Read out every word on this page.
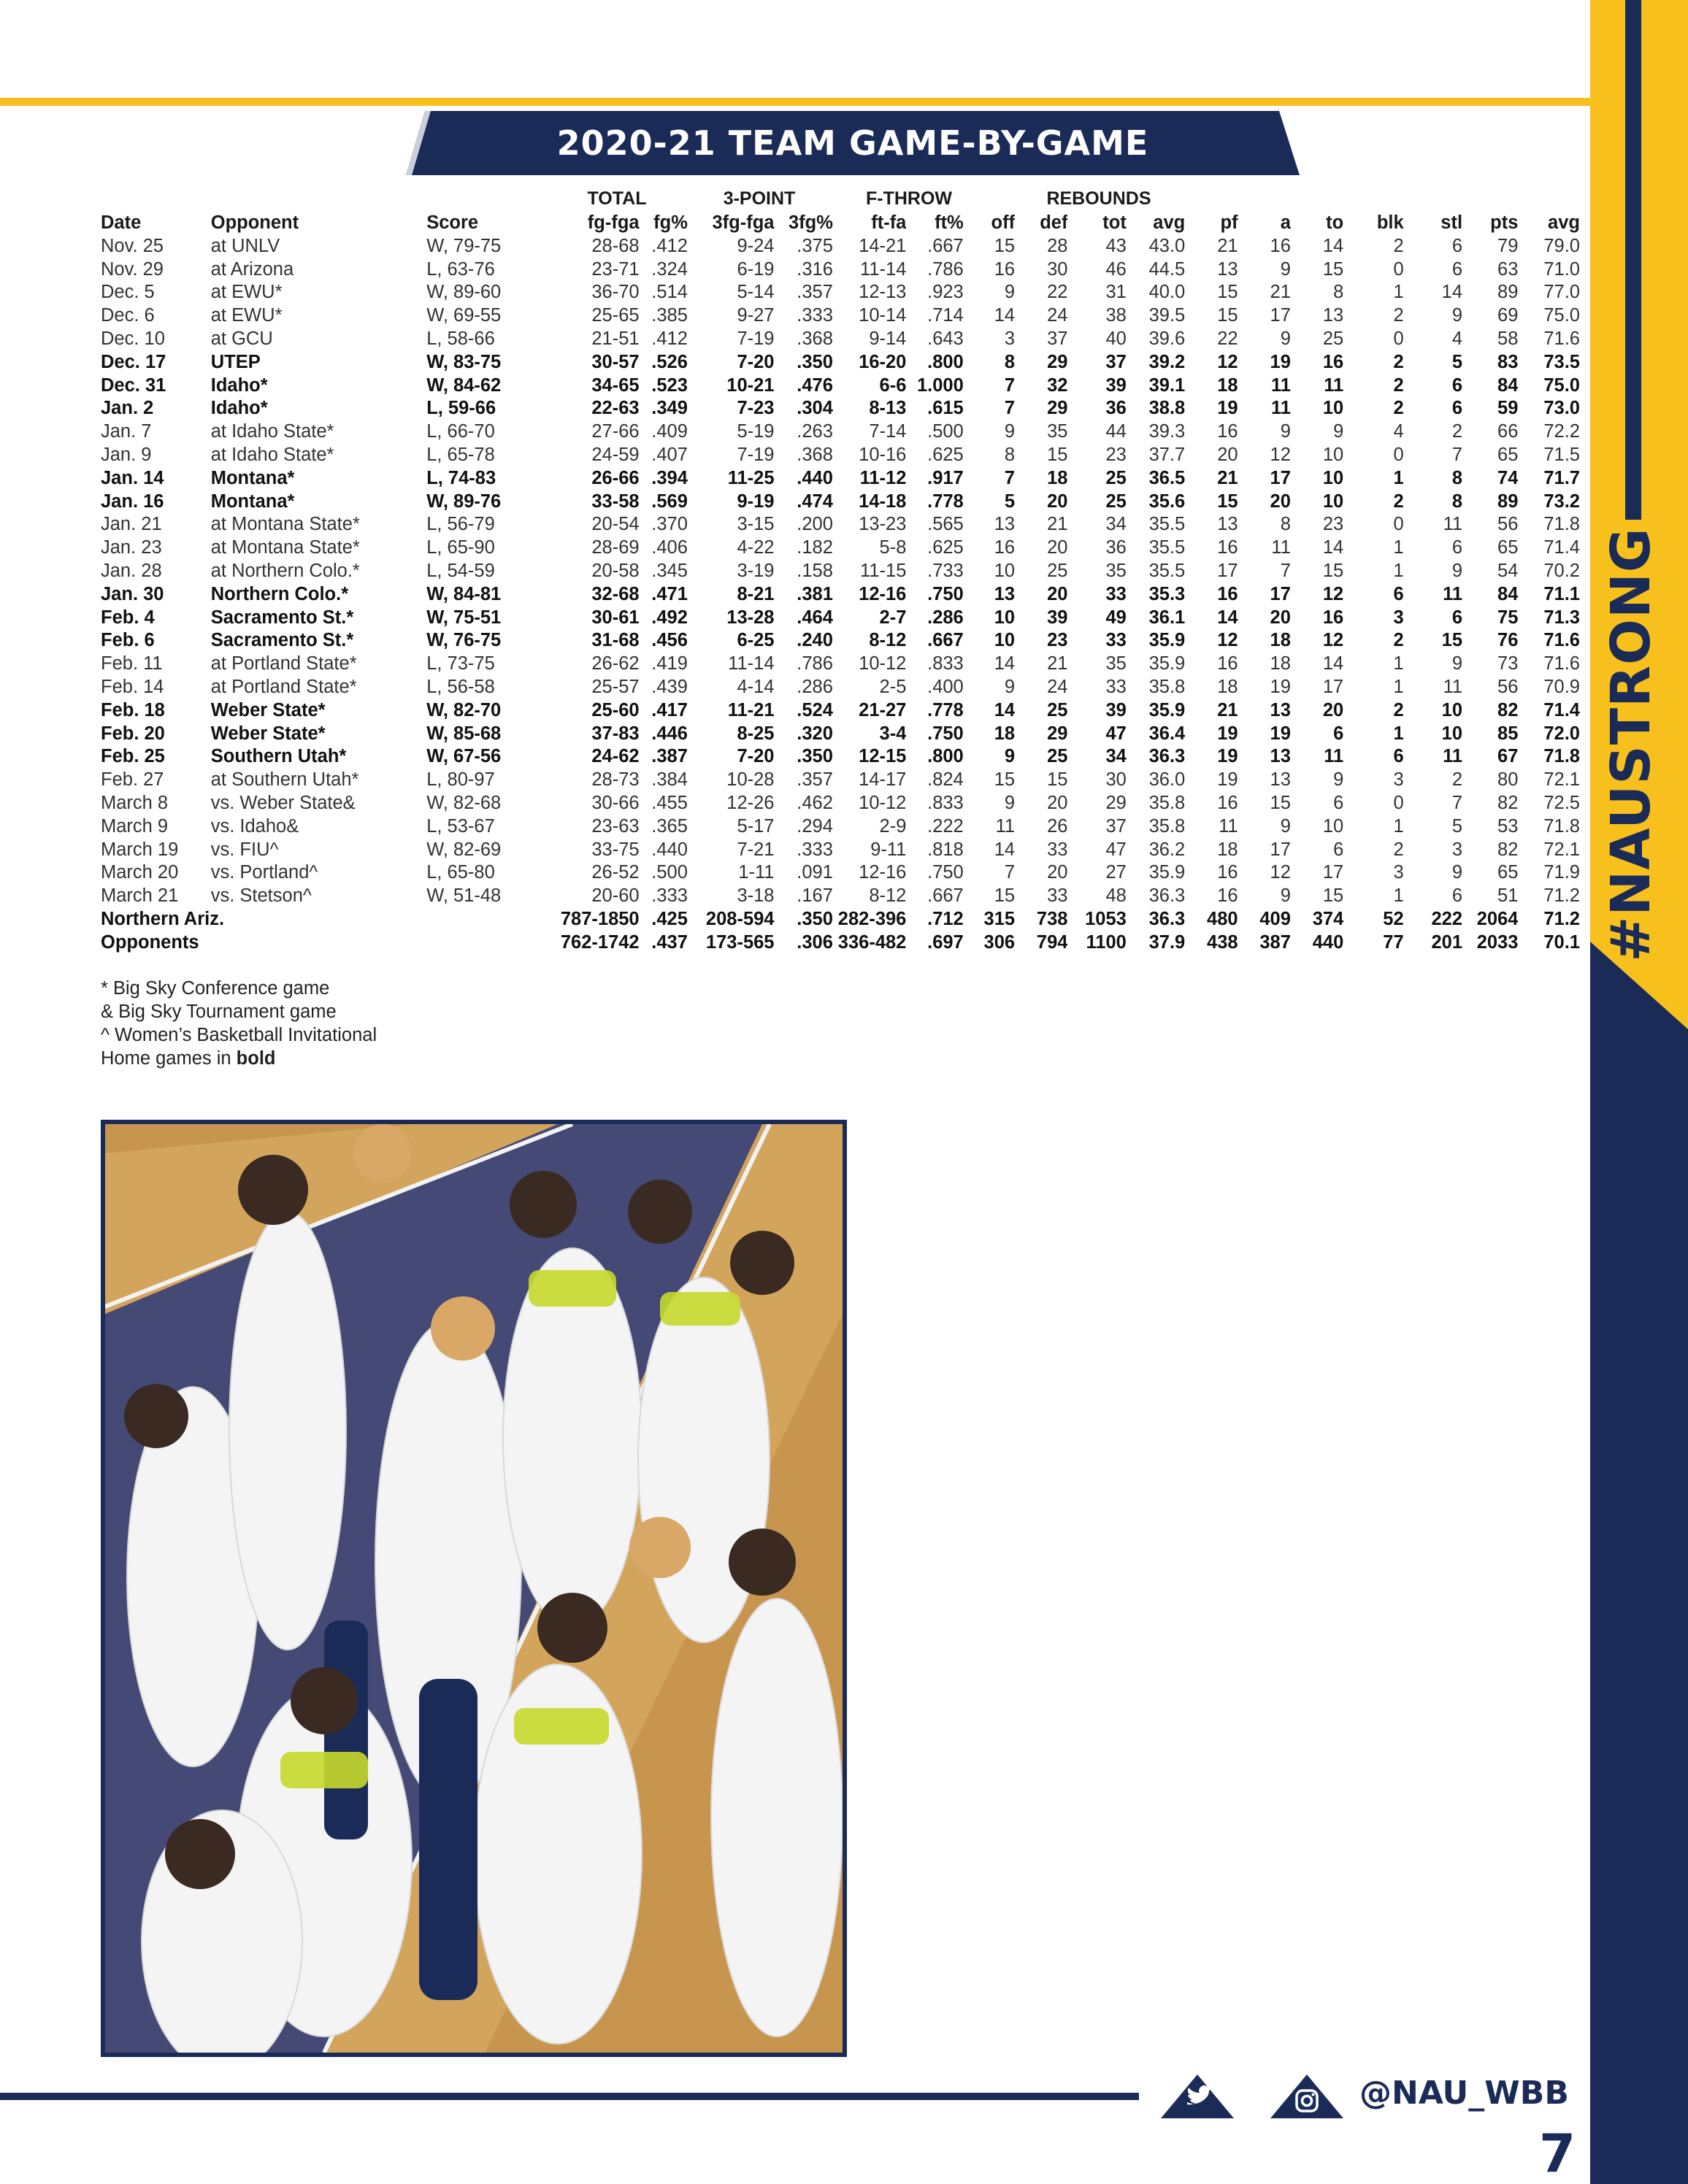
#NAUSTRONG
2020-21 TEAM GAME-BY-GAME
TOTAL	3-POINT	F-THROW	REBOUNDS
Date	Opponent	Score	fg-fga	fg%	3fg-fga	3fg%	ft-fa	ft%	off	def	tot	avg	pf	a	to	blk	stl	pts	avg
Nov. 25	at UNLV	W, 79-75	28-68	.412	9-24	.375	14-21	.667	15	28	43	43.0	21	16	14	2	6	79	79.0
Nov. 29	at Arizona	L, 63-76	23-71	.324	6-19	.316	11-14	.786	16	30	46	44.5	13	9	15	0	6	63	71.0
Dec. 5	at EWU*	W, 89-60	36-70	.514	5-14	.357	12-13	.923	9	22	31	40.0	15	21	8	1	14	89	77.0
Dec. 6	at EWU*	W, 69-55	25-65	.385	9-27	.333	10-14	.714	14	24	38	39.5	15	17	13	2	9	69	75.0
Dec. 10	at GCU	L, 58-66	21-51	.412	7-19	.368	9-14	.643	3	37	40	39.6	22	9	25	0	4	58	71.6
Dec. 17	UTEP	W, 83-75	30-57	.526	7-20	.350	16-20	.800	8	29	37	39.2	12	19	16	2	5	83	73.5
Dec. 31	Idaho*	W, 84-62	34-65	.523	10-21	.476	6-6	1.000	7	32	39	39.1	18	11	11	2	6	84	75.0
Jan. 2	Idaho*	L, 59-66	22-63	.349	7-23	.304	8-13	.615	7	29	36	38.8	19	11	10	2	6	59	73.0
Jan. 7	at Idaho State*	L, 66-70	27-66	.409	5-19	.263	7-14	.500	9	35	44	39.3	16	9	9	4	2	66	72.2
Jan. 9	at Idaho State*	L, 65-78	24-59	.407	7-19	.368	10-16	.625	8	15	23	37.7	20	12	10	0	7	65	71.5
Jan. 14	Montana*	L, 74-83	26-66	.394	11-25	.440	11-12	.917	7	18	25	36.5	21	17	10	1	8	74	71.7
Jan. 16	Montana*	W, 89-76	33-58	.569	9-19	.474	14-18	.778	5	20	25	35.6	15	20	10	2	8	89	73.2
Jan. 21	at Montana State*	L, 56-79	20-54	.370	3-15	.200	13-23	.565	13	21	34	35.5	13	8	23	0	11	56	71.8
Jan. 23	at Montana State*	L, 65-90	28-69	.406	4-22	.182	5-8	.625	16	20	36	35.5	16	11	14	1	6	65	71.4
Jan. 28	at Northern Colo.*	L, 54-59	20-58	.345	3-19	.158	11-15	.733	10	25	35	35.5	17	7	15	1	9	54	70.2
Jan. 30	Northern Colo.*	W, 84-81	32-68	.471	8-21	.381	12-16	.750	13	20	33	35.3	16	17	12	6	11	84	71.1
Feb. 4	Sacramento St.*	W, 75-51	30-61	.492	13-28	.464	2-7	.286	10	39	49	36.1	14	20	16	3	6	75	71.3
Feb. 6	Sacramento St.*	W, 76-75	31-68	.456	6-25	.240	8-12	.667	10	23	33	35.9	12	18	12	2	15	76	71.6
Feb. 11	at Portland State*	L, 73-75	26-62	.419	11-14	.786	10-12	.833	14	21	35	35.9	16	18	14	1	9	73	71.6
Feb. 14	at Portland State*	L, 56-58	25-57	.439	4-14	.286	2-5	.400	9	24	33	35.8	18	19	17	1	11	56	70.9
Feb. 18	Weber State*	W, 82-70	25-60	.417	11-21	.524	21-27	.778	14	25	39	35.9	21	13	20	2	10	82	71.4
Feb. 20	Weber State*	W, 85-68	37-83	.446	8-25	.320	3-4	.750	18	29	47	36.4	19	19	6	1	10	85	72.0
Feb. 25	Southern Utah*	W, 67-56	24-62	.387	7-20	.350	12-15	.800	9	25	34	36.3	19	13	11	6	11	67	71.8
Feb. 27	at Southern Utah*	L, 80-97	28-73	.384	10-28	.357	14-17	.824	15	15	30	36.0	19	13	9	3	2	80	72.1
March 8	vs. Weber State&	W, 82-68	30-66	.455	12-26	.462	10-12	.833	9	20	29	35.8	16	15	6	0	7	82	72.5
March 9	vs. Idaho&	L, 53-67	23-63	.365	5-17	.294	2-9	.222	11	26	37	35.8	11	9	10	1	5	53	71.8
March 19	vs. FIU^	W, 82-69	33-75	.440	7-21	.333	9-11	.818	14	33	47	36.2	18	17	6	2	3	82	72.1
March 20	vs. Portland^	L, 65-80	26-52	.500	1-11	.091	12-16	.750	7	20	27	35.9	16	12	17	3	9	65	71.9
March 21	vs. Stetson^	W, 51-48	20-60	.333	3-18	.167	8-12	.667	15	33	48	36.3	16	9	15	1	6	51	71.2
Northern Ariz.			787-1850	.425	208-594	.350	282-396	.712	315	738	1053	36.3	480	409	374	52	222	2064	71.2
Opponents			762-1742	.437	173-565	.306	336-482	.697	306	794	1100	37.9	438	387	440	77	201	2033	70.1
* Big Sky Conference game
& Big Sky Tournament game
^ Women’s Basketball Invitational
Home games in bold
@NAU_WBB
7
